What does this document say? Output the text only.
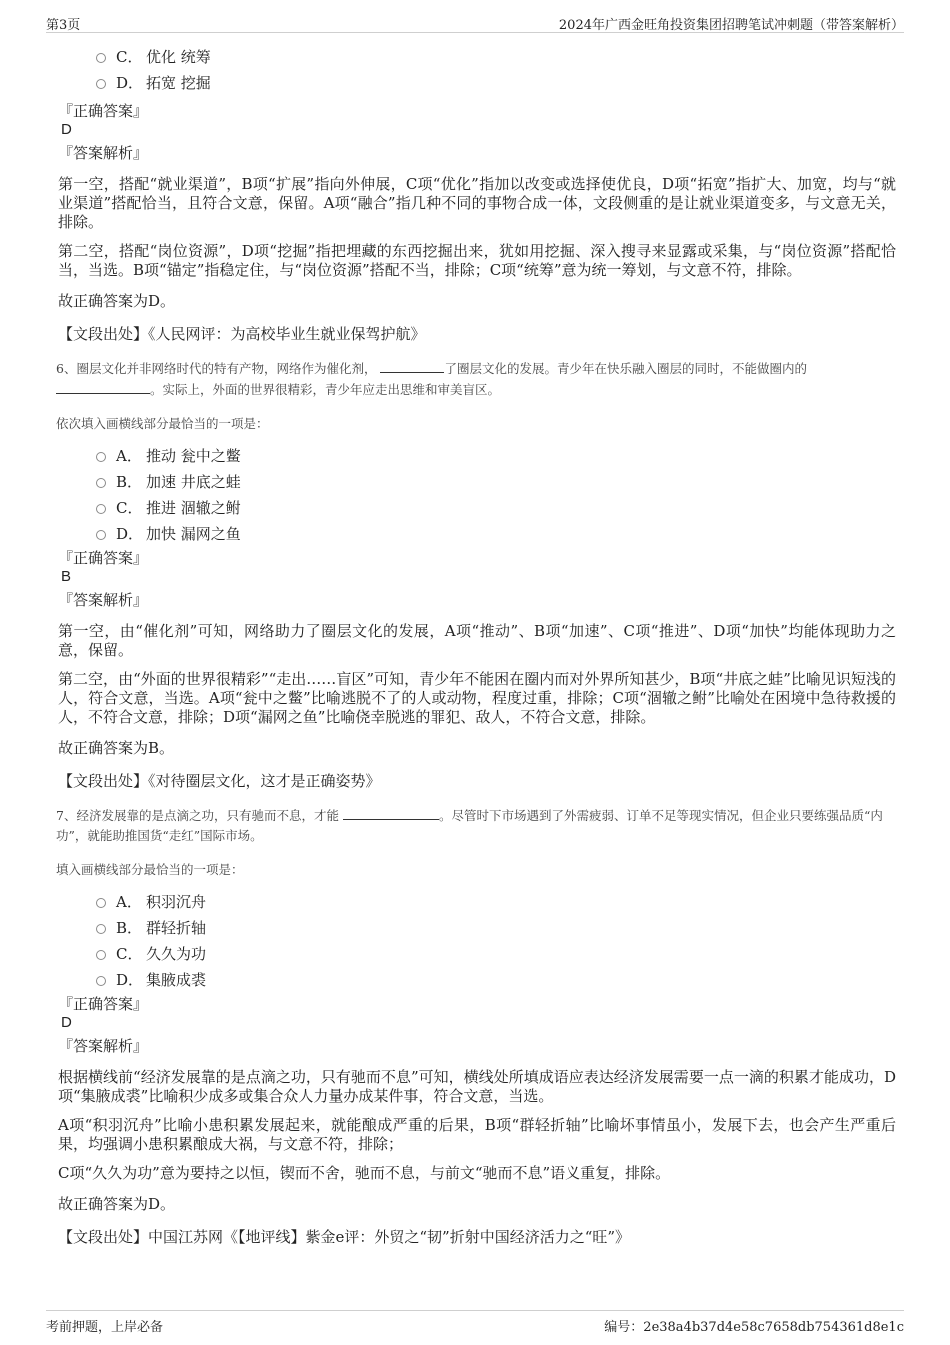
第3页	2024年广西金旺角投资集团招聘笔试冲刺题（带答案解析）
C． 优化 统筹
D． 拓宽 挖掘
『正确答案』
D
『答案解析』

第一空，搭配“就业渠道”，B项“扩展”指向外伸展，C项“优化”指加以改变或选择使优良，D项“拓宽”指扩大、加宽，均与“就业渠道”搭配恰当，且符合文意，保留。A项“融合”指几种不同的事物合成一体，文段侧重的是让就业渠道变多，与文意无关，排除。

第二空，搭配“岗位资源”，D项“挖掘”指把埋藏的东西挖掘出来，犹如用挖掘、深入搜寻来显露或采集，与“岗位资源”搭配恰当，当选。B项“锚定”指稳定住，与“岗位资源”搭配不当，排除；C项“统筹”意为统一筹划，与文意不符，排除。

故正确答案为D。

【文段出处】《人民网评：为高校毕业生就业保驾护航》

6、圈层文化并非网络时代的特有产物，网络作为催化剂，	了圈层文化的发展。青少年在快乐融入圈层的同时，不能做圈内的
。实际上，外面的世界很精彩，青少年应走出思维和审美盲区。
依次填入画横线部分最恰当的一项是：
A． 推动 瓮中之鳖
B． 加速 井底之蛙
C． 推进 涸辙之鲋
D． 加快 漏网之鱼
『正确答案』
B
『答案解析』

第一空，由“催化剂”可知，网络助力了圈层文化的发展，A项“推动”、B项“加速”、C项“推进”、D项“加快”均能体现助力之意，保留。

第二空，由“外面的世界很精彩”“走出……盲区”可知，青少年不能困在圈内而对外界所知甚少，B项“井底之蛙”比喻见识短浅的人，符合文意，当选。A项“瓮中之鳖”比喻逃脱不了的人或动物，程度过重，排除；C项“涸辙之鲋”比喻处在困境中急待救援的人，不符合文意，排除；D项“漏网之鱼”比喻侥幸脱逃的罪犯、敌人，不符合文意，排除。

故正确答案为B。

【文段出处】《对待圈层文化，这才是正确姿势》

7、经济发展靠的是点滴之功，只有驰而不息，才能	。尽管时下市场遇到了外需疲弱、订单不足等现实情况，但企业只要练强品质“内功”，就能助推国货“走红”国际市场。
填入画横线部分最恰当的一项是：
A． 积羽沉舟
B． 群轻折轴
C． 久久为功
D． 集腋成裘
『正确答案』
D
『答案解析』

根据横线前“经济发展靠的是点滴之功，只有驰而不息”可知，横线处所填成语应表达经济发展需要一点一滴的积累才能成功，D项“集腋成裘”比喻积少成多或集合众人力量办成某件事，符合文意，当选。

A项“积羽沉舟”比喻小患积累发展起来，就能酿成严重的后果，B项“群轻折轴”比喻坏事情虽小，发展下去，也会产生严重后果，均强调小患积累酿成大祸，与文意不符，排除；

C项“久久为功”意为要持之以恒，锲而不舍，驰而不息，与前文“驰而不息”语义重复，排除。

故正确答案为D。

【文段出处】中国江苏网《【地评线】紫金e评：外贸之“韧”折射中国经济活力之“旺”》

考前押题，上岸必备	编号：2e38a4b37d4e58c7658db754361d8e1c
